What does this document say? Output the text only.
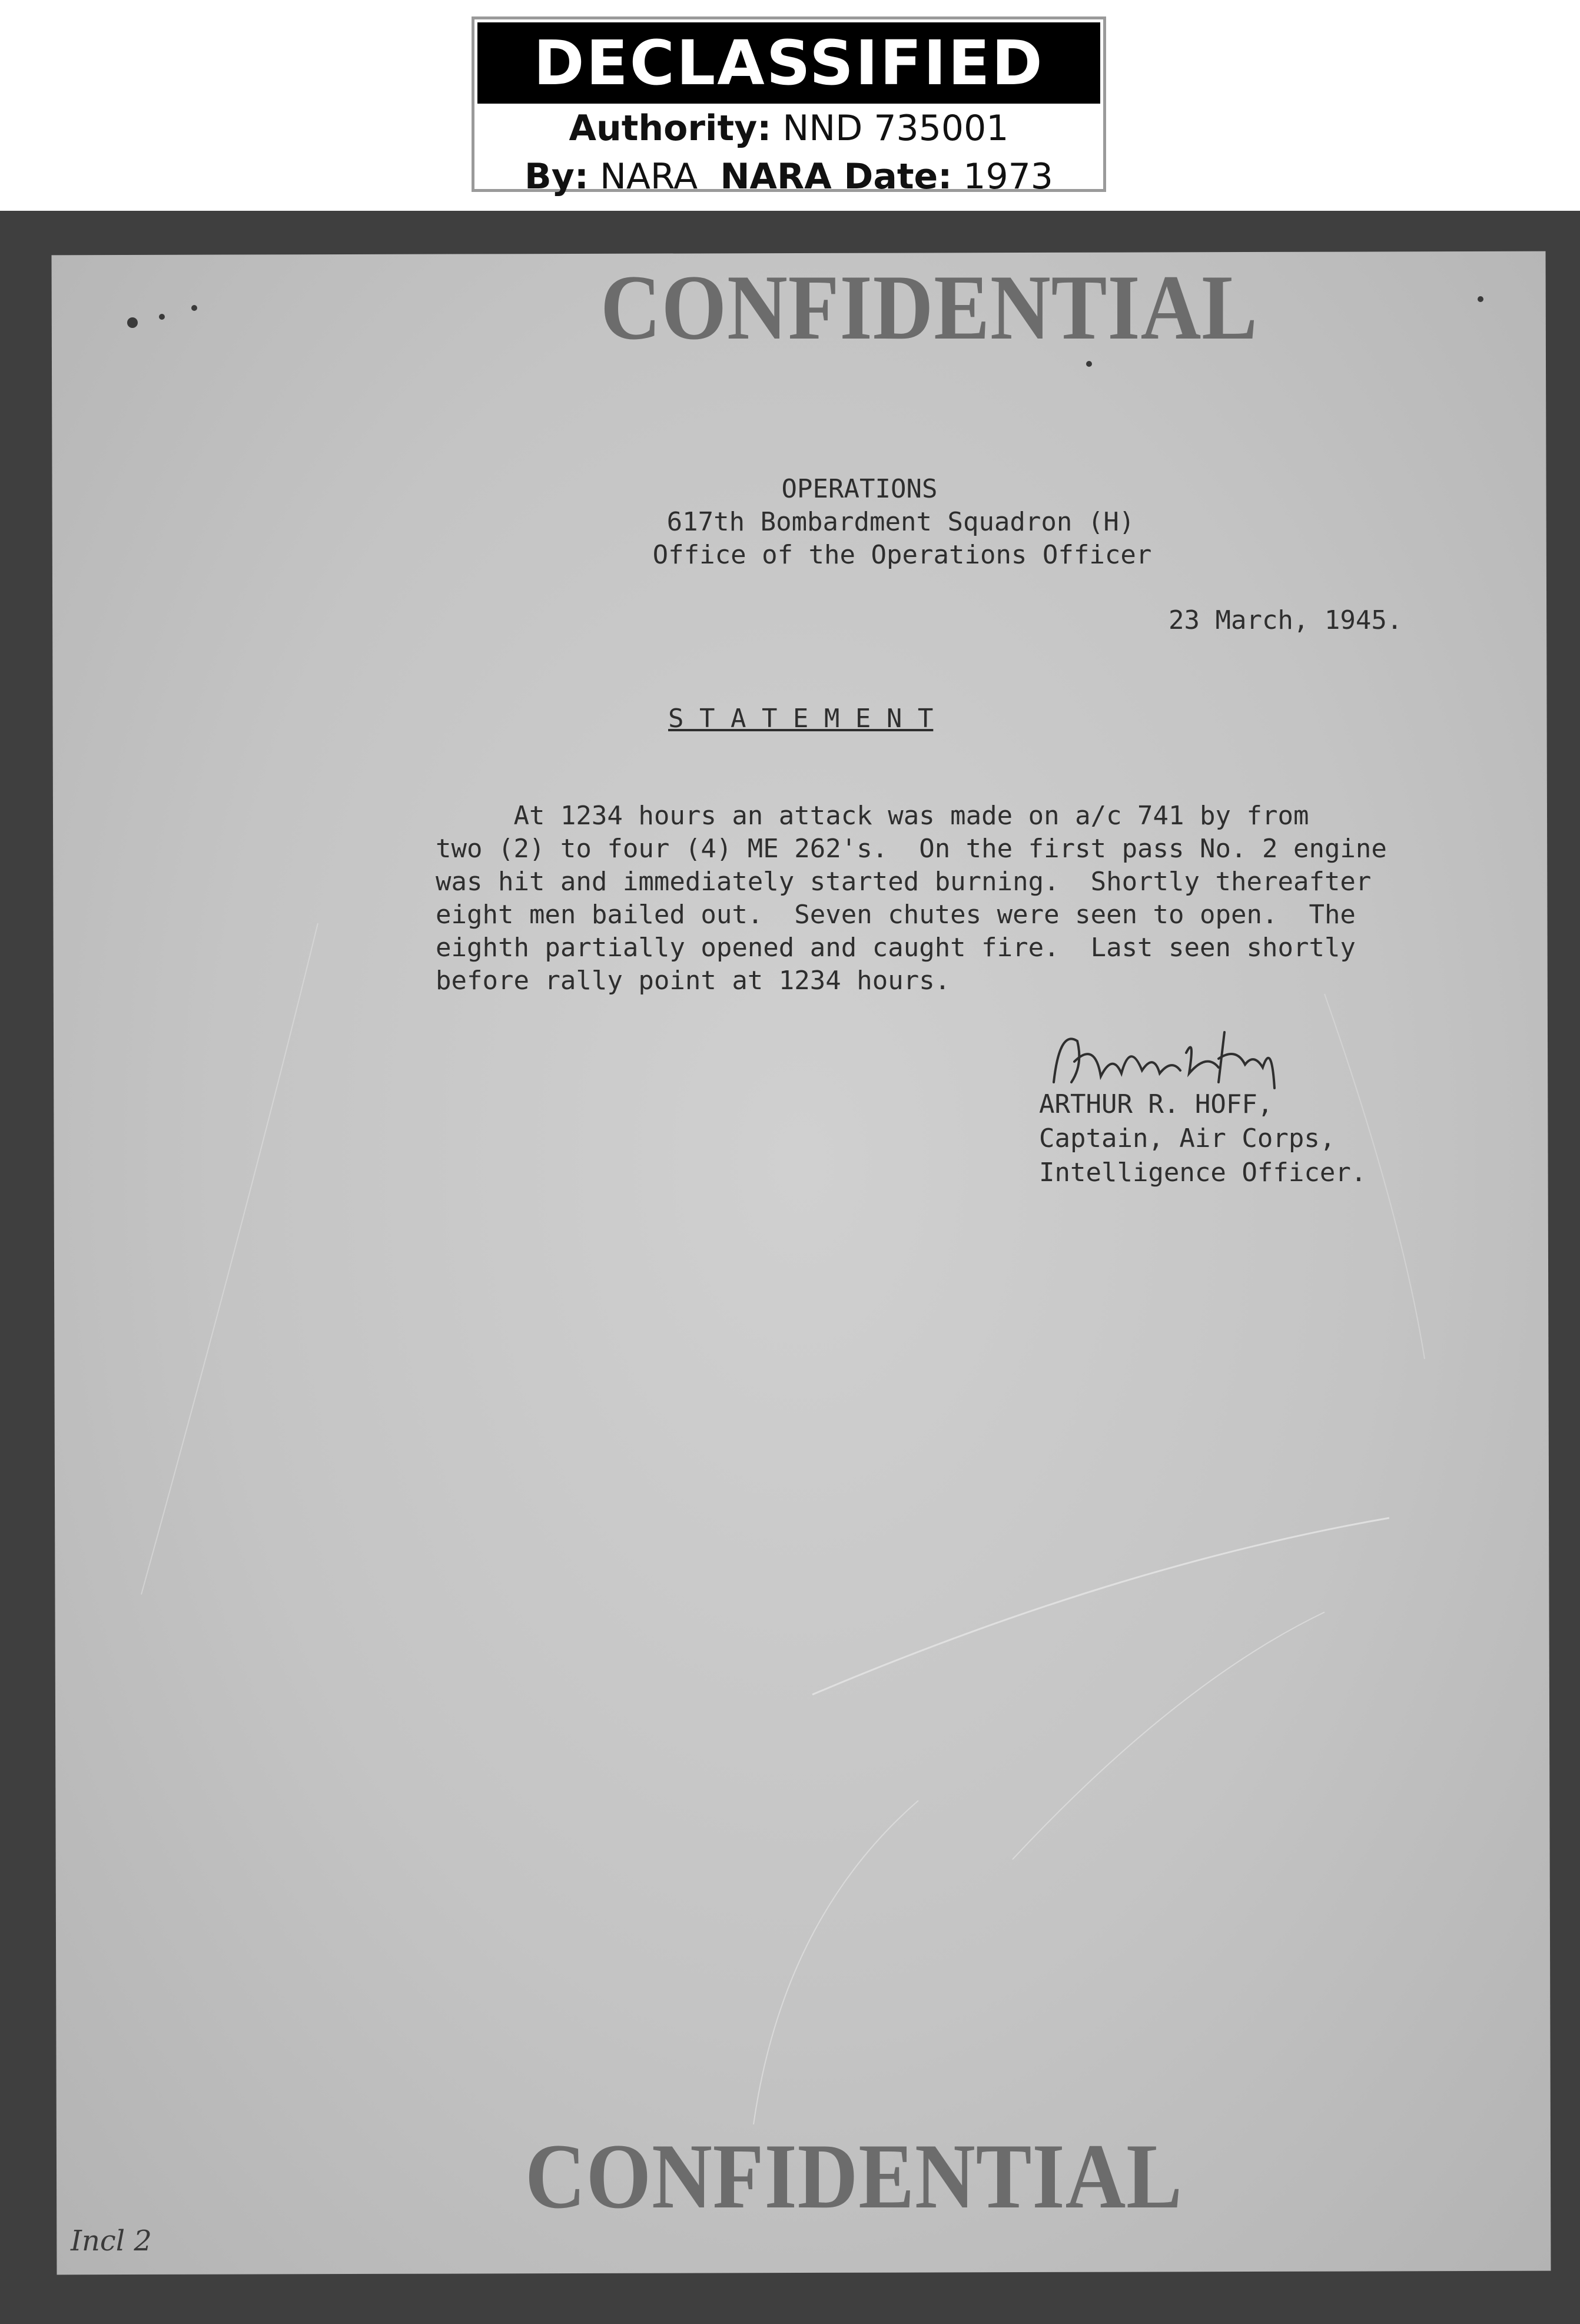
DECLASSIFIED
Authority: NND 735001
By: NARA NARA Date: 1973
CONFIDENTIAL
OPERATIONS
617th Bombardment Squadron (H)
Office of the Operations Officer
23 March, 1945.
S T A T E M E N T
At 1234 hours an attack was made on a/c 741 by from
two (2) to four (4) ME 262's.  On the first pass No. 2 engine
was hit and immediately started burning.  Shortly thereafter
eight men bailed out.  Seven chutes were seen to open.  The
eighth partially opened and caught fire.  Last seen shortly
before rally point at 1234 hours.
ARTHUR R. HOFF,
Captain, Air Corps,
Intelligence Officer.
CONFIDENTIAL
Incl 2
